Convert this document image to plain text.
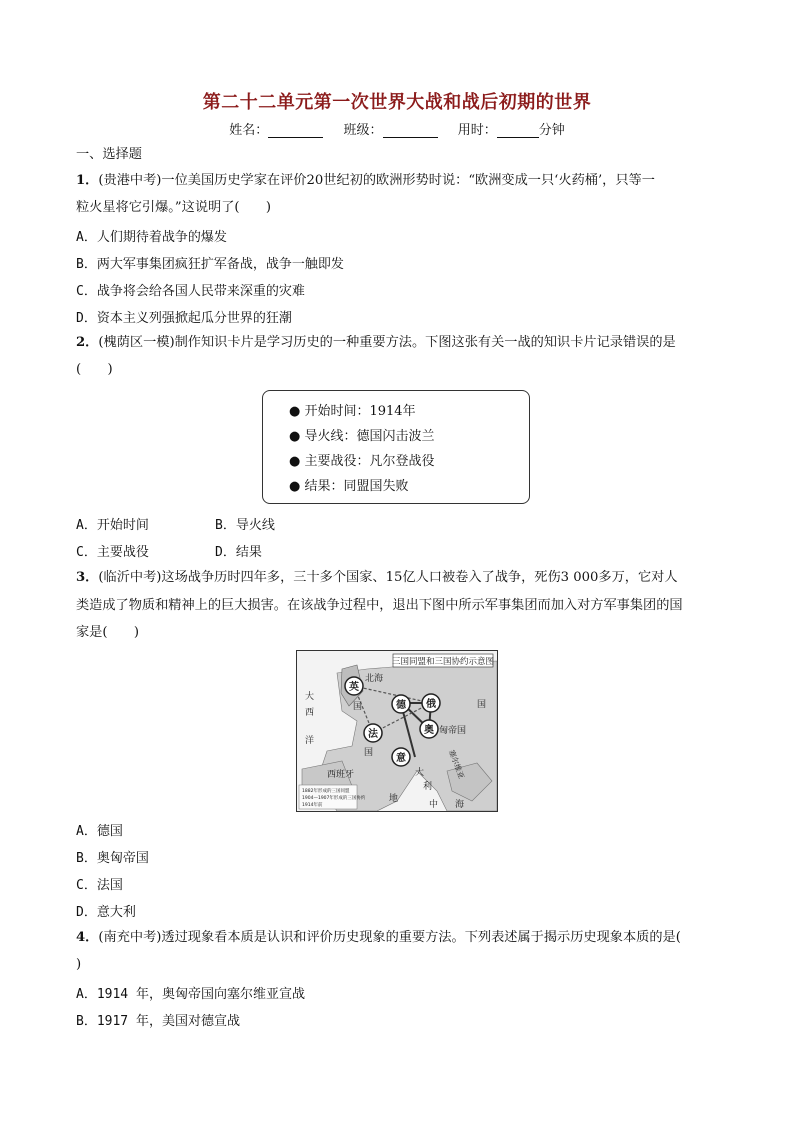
第二十二单元第一次世界大战和战后初期的世界
姓名：	班级：	用时：	分钟
一、选择题
1．(贵港中考)一位美国历史学家在评价20世纪初的欧洲形势时说：“欧洲变成一只‘火药桶’，只等一
粒火星将它引爆。”这说明了(　　)
A．人们期待着战争的爆发
B．两大军事集团疯狂扩军备战，战争一触即发
C．战争将会给各国人民带来深重的灾难
D．资本主义列强掀起瓜分世界的狂潮
2．(槐荫区一模)制作知识卡片是学习历史的一种重要方法。下图这张有关一战的知识卡片记录错误的是
(　　)
● 开始时间：1914年
● 导火线：德国闪击波兰
● 主要战役：凡尔登战役
● 结果：同盟国失败
A．开始时间	B．导火线
C．主要战役	D．结果
3．(临沂中考)这场战争历时四年多，三十多个国家、15亿人口被卷入了战争，死伤3 000多万，它对人
类造成了物质和精神上的巨大损害。在该战争过程中，退出下图中所示军事集团而加入对方军事集团的国
家是(　　)
三国同盟和三国协约示意图
英
德 俄
奥
法
意
北海
大
西
洋
国
国
国
匈帝国
西班牙	大
利
地
中 海
塞尔维亚
1882年形成的三国同盟
1904—1907年形成的三国协约
1914年前
A．德国
B．奥匈帝国
C．法国
D．意大利
4．(南充中考)透过现象看本质是认识和评价历史现象的重要方法。下列表述属于揭示历史现象本质的是(
)
A．1914 年，奥匈帝国向塞尔维亚宣战
B．1917 年，美国对德宣战
